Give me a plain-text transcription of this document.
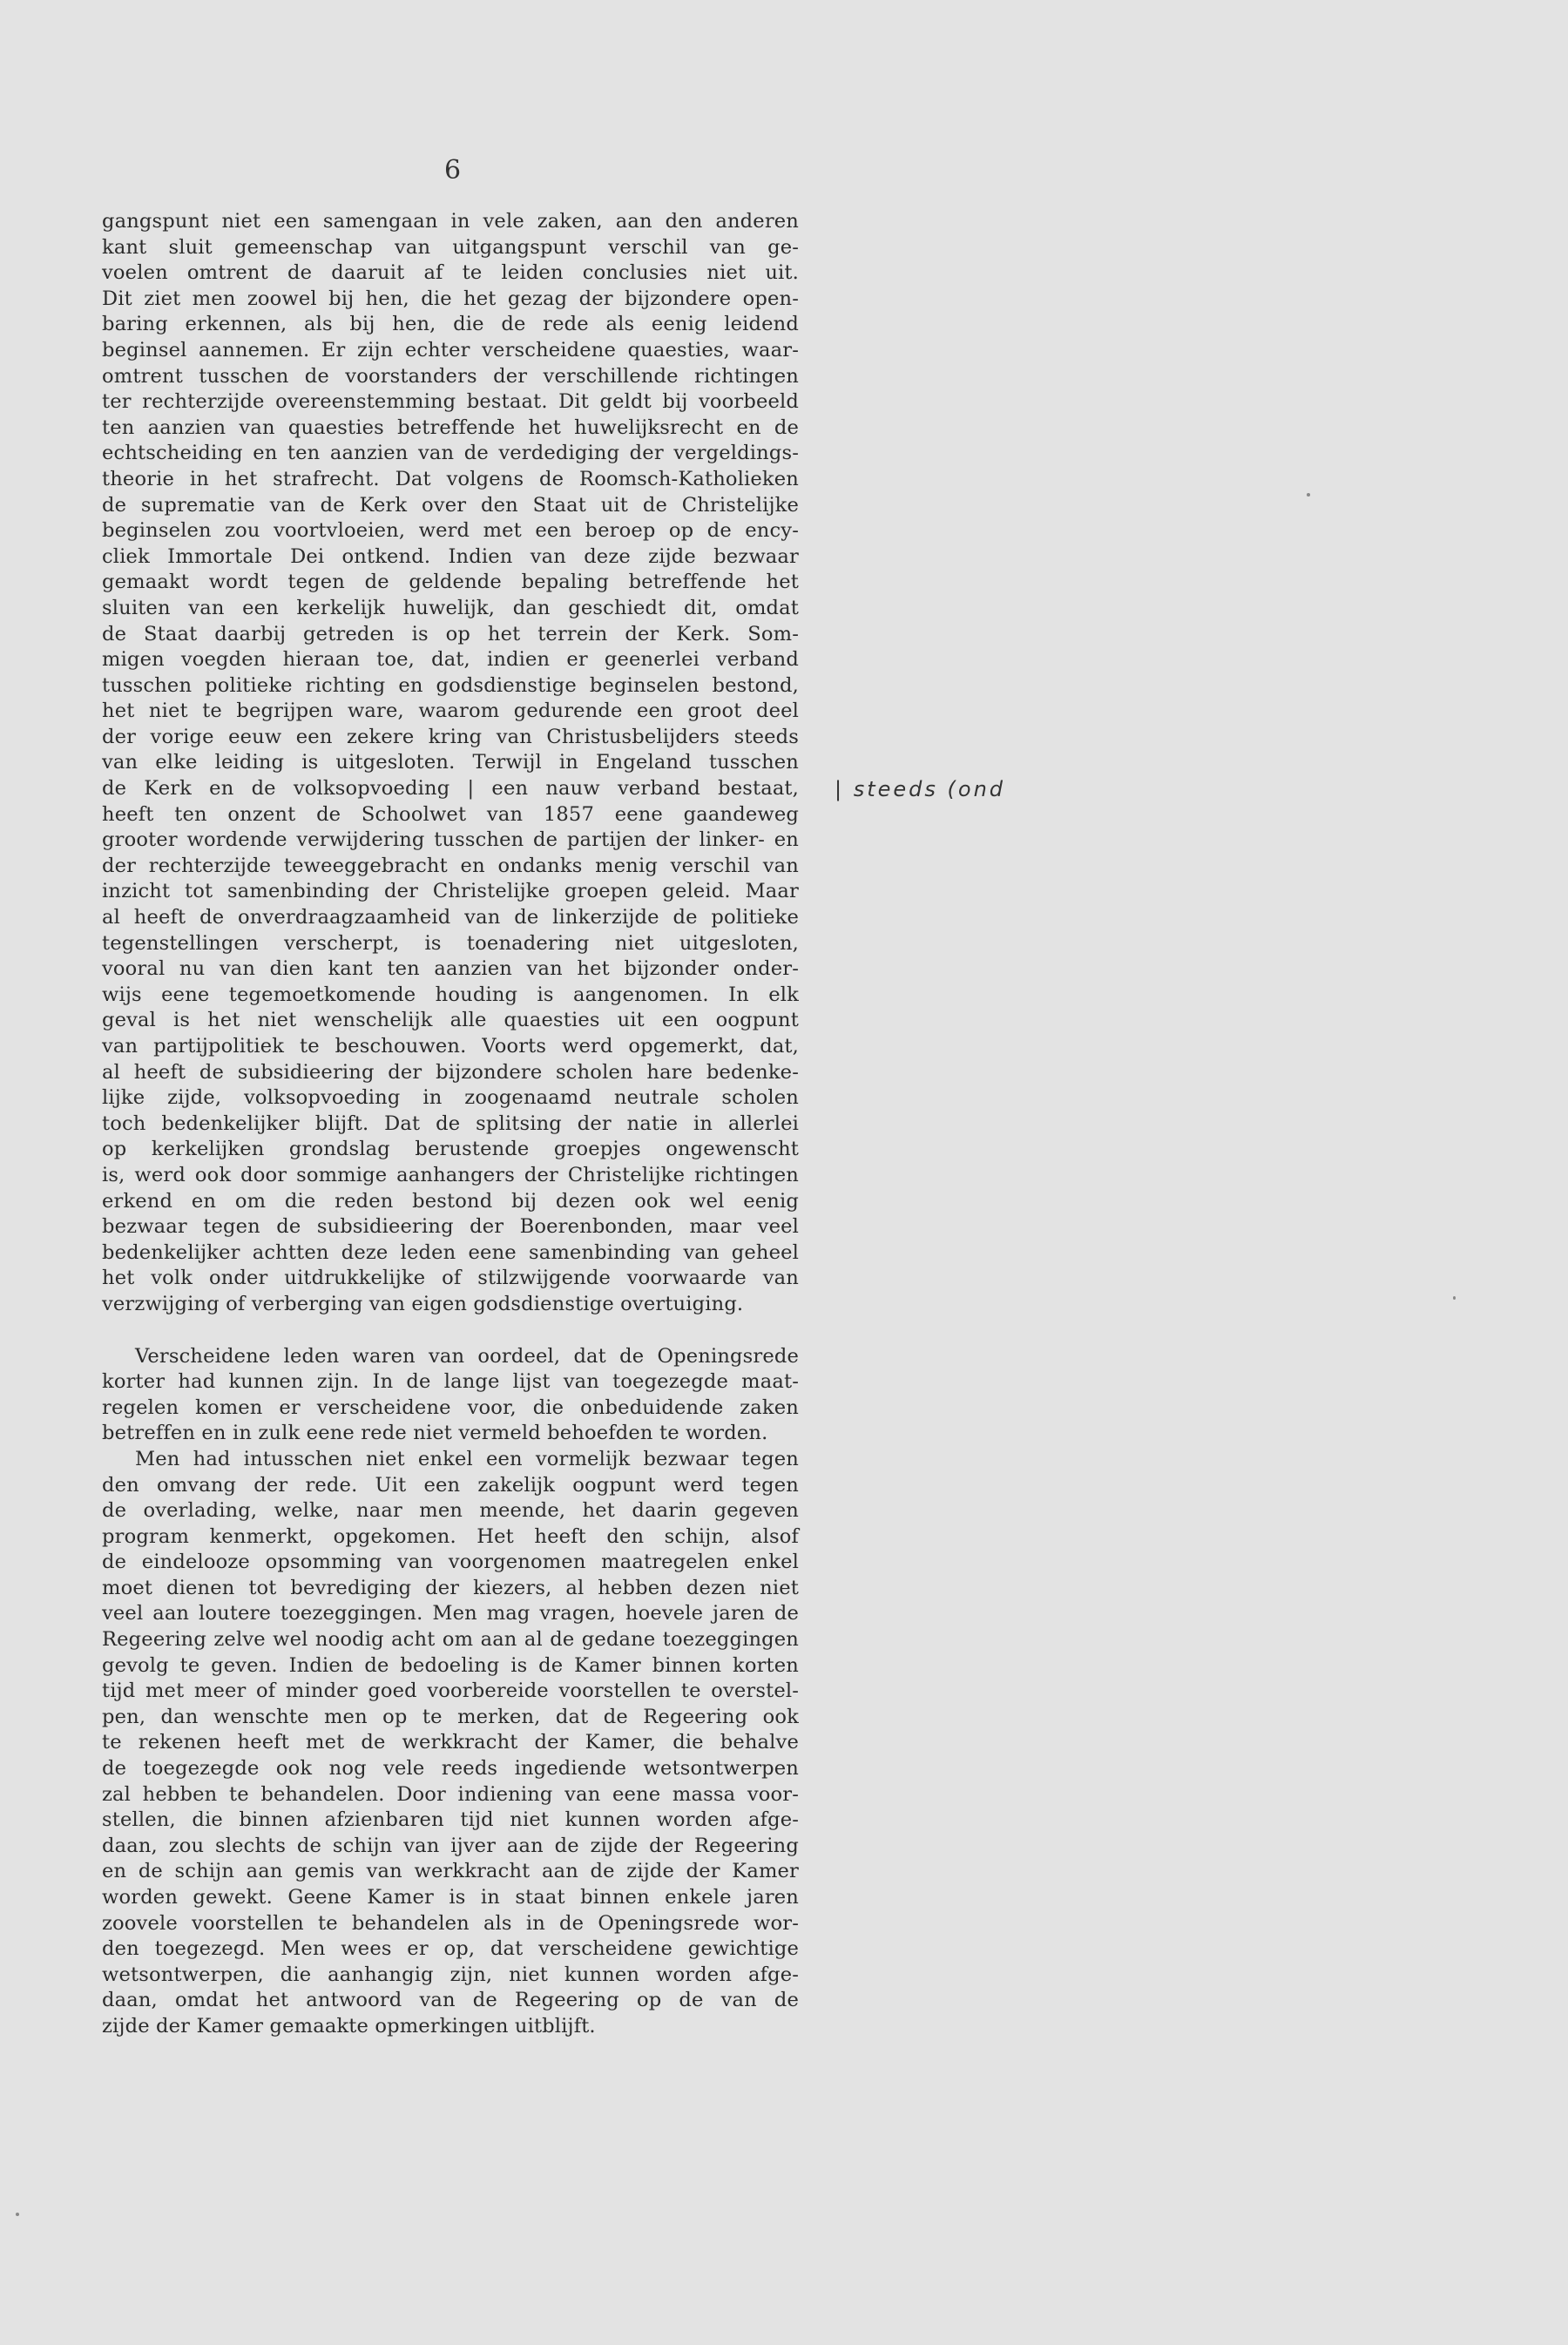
6
| steeds (ond
gangspunt niet een samengaan in vele zaken, aan den anderen
kant sluit gemeenschap van uitgangspunt verschil van ge-
voelen omtrent de daaruit af te leiden conclusies niet uit.
Dit ziet men zoowel bij hen, die het gezag der bijzondere open-
baring erkennen, als bij hen, die de rede als eenig leidend
beginsel aannemen. Er zijn echter verscheidene quaesties, waar-
omtrent tusschen de voorstanders der verschillende richtingen
ter rechterzijde overeenstemming bestaat. Dit geldt bij voorbeeld
ten aanzien van quaesties betreffende het huwelijksrecht en de
echtscheiding en ten aanzien van de verdediging der vergeldings-
theorie in het strafrecht. Dat volgens de Roomsch-Katholieken
de suprematie van de Kerk over den Staat uit de Christelijke
beginselen zou voortvloeien, werd met een beroep op de ency-
cliek Immortale Dei ontkend. Indien van deze zijde bezwaar
gemaakt wordt tegen de geldende bepaling betreffende het
sluiten van een kerkelijk huwelijk, dan geschiedt dit, omdat
de Staat daarbij getreden is op het terrein der Kerk. Som-
migen voegden hieraan toe, dat, indien er geenerlei verband
tusschen politieke richting en godsdienstige beginselen bestond,
het niet te begrijpen ware, waarom gedurende een groot deel
der vorige eeuw een zekere kring van Christusbelijders steeds
van elke leiding is uitgesloten. Terwijl in Engeland tusschen
de Kerk en de volksopvoeding | een nauw verband bestaat,
heeft ten onzent de Schoolwet van 1857 eene gaandeweg
grooter wordende verwijdering tusschen de partijen der linker- en
der rechterzijde teweeggebracht en ondanks menig verschil van
inzicht tot samenbinding der Christelijke groepen geleid. Maar
al heeft de onverdraagzaamheid van de linkerzijde de politieke
tegenstellingen verscherpt, is toenadering niet uitgesloten,
vooral nu van dien kant ten aanzien van het bijzonder onder-
wijs eene tegemoetkomende houding is aangenomen. In elk
geval is het niet wenschelijk alle quaesties uit een oogpunt
van partijpolitiek te beschouwen. Voorts werd opgemerkt, dat,
al heeft de subsidieering der bijzondere scholen hare bedenke-
lijke zijde, volksopvoeding in zoogenaamd neutrale scholen
toch bedenkelijker blijft. Dat de splitsing der natie in allerlei
op kerkelijken grondslag berustende groepjes ongewenscht
is, werd ook door sommige aanhangers der Christelijke richtingen
erkend en om die reden bestond bij dezen ook wel eenig
bezwaar tegen de subsidieering der Boerenbonden, maar veel
bedenkelijker achtten deze leden eene samenbinding van geheel
het volk onder uitdrukkelijke of stilzwijgende voorwaarde van
verzwijging of verberging van eigen godsdienstige overtuiging.
Verscheidene leden waren van oordeel, dat de Openingsrede
korter had kunnen zijn. In de lange lijst van toegezegde maat-
regelen komen er verscheidene voor, die onbeduidende zaken
betreffen en in zulk eene rede niet vermeld behoefden te worden.
Men had intusschen niet enkel een vormelijk bezwaar tegen
den omvang der rede. Uit een zakelijk oogpunt werd tegen
de overlading, welke, naar men meende, het daarin gegeven
program kenmerkt, opgekomen. Het heeft den schijn, alsof
de eindelooze opsomming van voorgenomen maatregelen enkel
moet dienen tot bevrediging der kiezers, al hebben dezen niet
veel aan loutere toezeggingen. Men mag vragen, hoevele jaren de
Regeering zelve wel noodig acht om aan al de gedane toezeggingen
gevolg te geven. Indien de bedoeling is de Kamer binnen korten
tijd met meer of minder goed voorbereide voorstellen te overstel-
pen, dan wenschte men op te merken, dat de Regeering ook
te rekenen heeft met de werkkracht der Kamer, die behalve
de toegezegde ook nog vele reeds ingediende wetsontwerpen
zal hebben te behandelen. Door indiening van eene massa voor-
stellen, die binnen afzienbaren tijd niet kunnen worden afge-
daan, zou slechts de schijn van ijver aan de zijde der Regeering
en de schijn aan gemis van werkkracht aan de zijde der Kamer
worden gewekt. Geene Kamer is in staat binnen enkele jaren
zoovele voorstellen te behandelen als in de Openingsrede wor-
den toegezegd. Men wees er op, dat verscheidene gewichtige
wetsontwerpen, die aanhangig zijn, niet kunnen worden afge-
daan, omdat het antwoord van de Regeering op de van de
zijde der Kamer gemaakte opmerkingen uitblijft.
